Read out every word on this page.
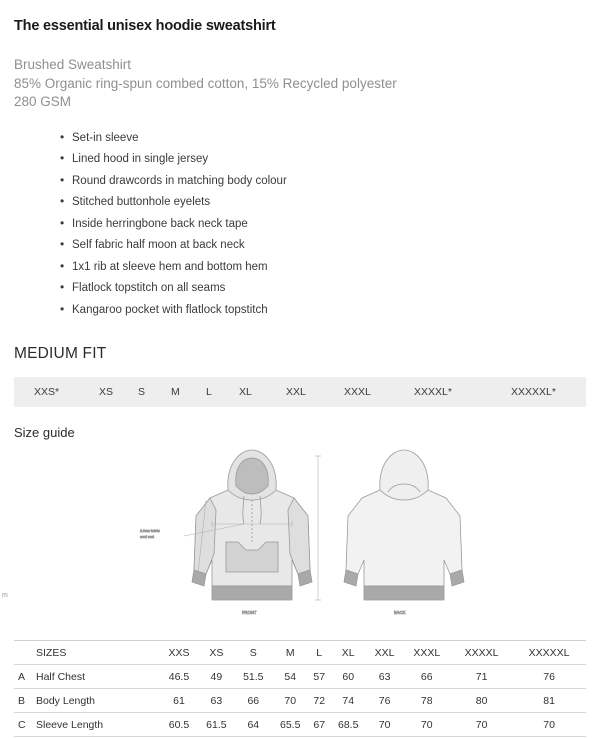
The essential unisex hoodie sweatshirt
Brushed Sweatshirt
85% Organic ring-spun combed cotton, 15% Recycled polyester
280 GSM
• Set-in sleeve
• Lined hood in single jersey
• Round drawcords in matching body colour
• Stitched buttonhole eyelets
• Inside herringbone back neck tape
• Self fabric half moon at back neck
• 1x1 rib at sleeve hem and bottom hem
• Flatlock topstitch on all seams
• Kangaroo pocket with flatlock topstitch
MEDIUM FIT
XXS*	XS S M	L	XL	XXL	XXXL	XXXXL*	XXXXXL*
Size guide
2.0cm twists
cord end
FRONT	BACK
m
	SIZES	XXS	XS	S	M	L	XL	XXL	XXXL	XXXXL	XXXXXL
A	Half Chest	46.5	49	51.5	54	57	60	63	66	71	76
B	Body Length	61	63	66	70	72	74	76	78	80	81
C	Sleeve Length	60.5	61.5	64	65.5	67	68.5	70	70	70	70
